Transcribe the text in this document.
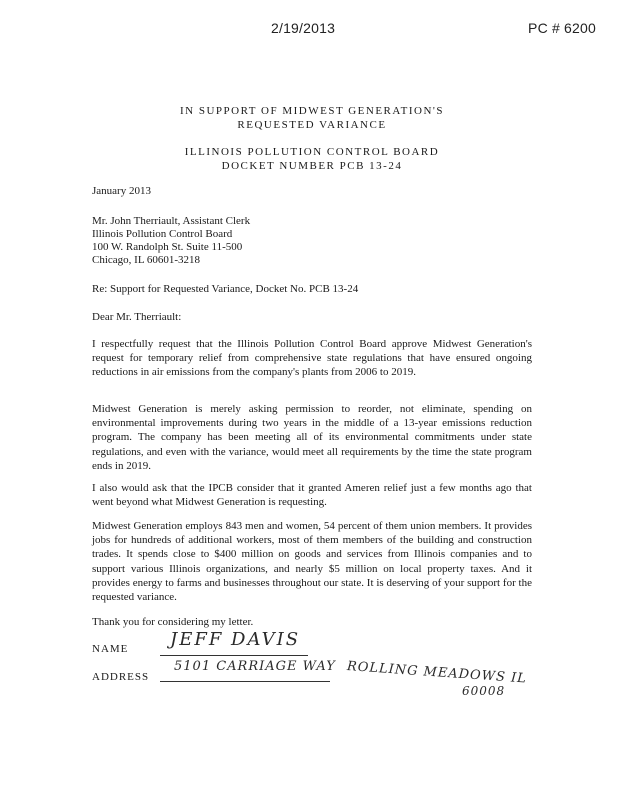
2/19/2013	PC # 6200
IN SUPPORT OF MIDWEST GENERATION'S
REQUESTED VARIANCE
ILLINOIS POLLUTION CONTROL BOARD
DOCKET NUMBER PCB 13-24
January 2013
Mr. John Therriault, Assistant Clerk
Illinois Pollution Control Board
100 W. Randolph St. Suite 11-500
Chicago, IL 60601-3218
Re: Support for Requested Variance, Docket No. PCB 13-24
Dear Mr. Therriault:
I respectfully request that the Illinois Pollution Control Board approve Midwest Generation's request for temporary relief from comprehensive state regulations that have ensured ongoing reductions in air emissions from the company's plants from 2006 to 2019.
Midwest Generation is merely asking permission to reorder, not eliminate, spending on environmental improvements during two years in the middle of a 13-year emissions reduction program. The company has been meeting all of its environmental commitments under state regulations, and even with the variance, would meet all requirements by the time the state program ends in 2019.
I also would ask that the IPCB consider that it granted Ameren relief just a few months ago that went beyond what Midwest Generation is requesting.
Midwest Generation employs 843 men and women, 54 percent of them union members. It provides jobs for hundreds of additional workers, most of them members of the building and construction trades. It spends close to $400 million on goods and services from Illinois companies and to support various Illinois organizations, and nearly $5 million on local property taxes. And it provides energy to farms and businesses throughout our state. It is deserving of your support for the requested variance.
Thank you for considering my letter.
NAME JEFF DAVIS
ADDRESS
5101 CARRIAGE WAY ROLLING MEADOWS IL
60008
